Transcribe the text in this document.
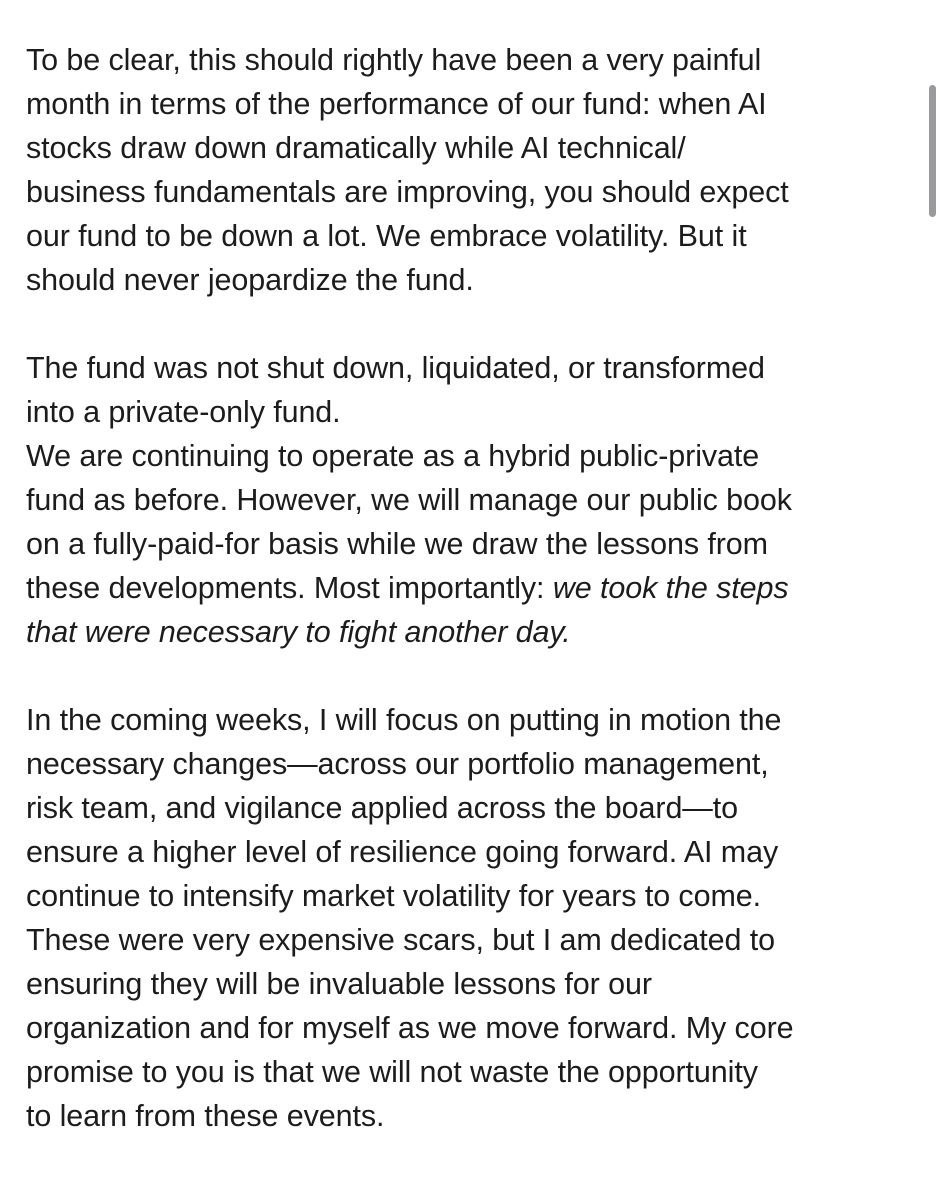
To be clear, this should rightly have been a very painful
month in terms of the performance of our fund: when AI
stocks draw down dramatically while AI technical/
business fundamentals are improving, you should expect
our fund to be down a lot. We embrace volatility. But it
should never jeopardize the fund.

The fund was not shut down, liquidated, or transformed
into a private-only fund.
We are continuing to operate as a hybrid public-private
fund as before. However, we will manage our public book
on a fully-paid-for basis while we draw the lessons from
these developments. Most importantly: we took the steps
that were necessary to fight another day.

In the coming weeks, I will focus on putting in motion the
necessary changes—across our portfolio management,
risk team, and vigilance applied across the board—to
ensure a higher level of resilience going forward. AI may
continue to intensify market volatility for years to come.
These were very expensive scars, but I am dedicated to
ensuring they will be invaluable lessons for our
organization and for myself as we move forward. My core
promise to you is that we will not waste the opportunity
to learn from these events.
